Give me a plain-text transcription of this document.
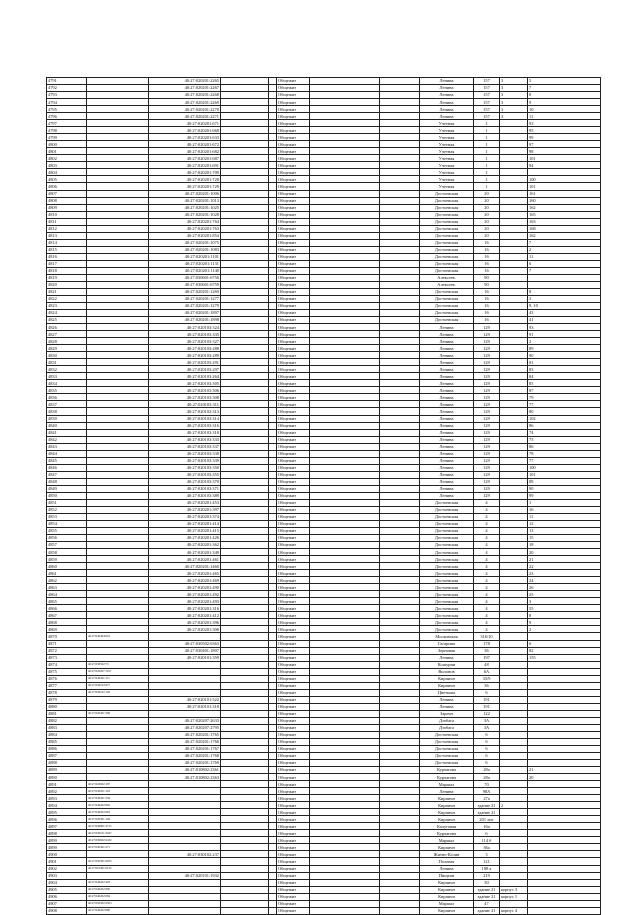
4791		40:27:020201:2265			Общежит			Ленина	157	3	5
4792		40:27:020201:2267			Общежит			Ленина	157	3	7
4793		40:27:020201:2268			Общежит			Ленина	157	3	8
4794		40:27:020201:2269			Общежит			Ленина	157	3	9
4795		40:27:020201:2270			Общежит			Ленина	157	3	10
4796		40:27:020201:2271			Общежит			Ленина	157	3	11
4797		40:27:020201:671			Общежит			Учетная	1		93
4798		40:27:020201:668			Общежит			Учетная	1		95
4799		40:27:020201:633			Общежит			Учетная	1		99
4800		40:27:020201:672			Общежит			Учетная	1		97
4801		40:27:020201:682			Общежит			Учетная	1		98
4802		40:27:020201:687			Общежит			Учетная	1		101
4803		40:27:020201:691			Общежит			Учетная	1		94
4804		40:27:020201:709			Общежит			Учетная	1		
4805		40:27:020201:728			Общежит			Учетная	1		100
4806		40:27:020201:729			Общежит			Учетная	1		101
4807		40:27:020201:1006			Общежит			Достоевская	20		161
4808		40:27:020201:1013			Общежит			Достоевская	20		160
4809		40:27:020201:1025			Общежит			Достоевская	20		162
4810		40:27:020201:1028			Общежит			Достоевская	20		165
4811		40:27:020201:764			Общежит			Достоевская	20		163
4812		40:27:020201:763			Общежит			Достоевская	20		168
4813		40:27:020201:854			Общежит			Достоевская	20		162
4814		40:27:020201:1075			Общежит			Достоевская	16		7
4815		40:27:020201:1083			Общежит			Достоевская	16		2
4816		40:27:020201:1101			Общежит			Достоевская	16		11
4817		40:27:020201:1131			Общежит			Достоевская	16		6
4818		40:27:020201:1140			Общежит			Достоевская	16		7
4819		40:27:030601:6756			Общежит			Алексеев.	90		
4820		40:27:030601:6759			Общежит			Алексеев.	90		
4821		40:27:020201:1269			Общежит			Достоевская	16		8
4822		40:27:020201:1277			Общежит			Достоевская	16		3
4823		40:27:020201:1279			Общежит			Достоевская	16		9, 10
4824		40:27:020201:1897			Общежит			Достоевская	16		43
4825		40:27:020201:1898			Общежит			Достоевская	16		41
4826		40:27:020103:324			Общежит			Ленина	129		93
4827		40:27:020103:335			Общежит			Ленина	129		91
4828		40:27:020103:327			Общежит			Ленина	129		2
4829		40:27:020103:288			Общежит			Ленина	129		89
4830		40:27:020103:289			Общежит			Ленина	129		90
4831		40:27:020103:291			Общежит			Ленина	129		81
4832		40:27:020103:297			Общежит			Ленина	129		83
4833		40:27:020103:264			Общежит			Ленина	129		84
4834		40:27:020103:305			Общежит			Ленина	129		85
4835		40:27:020103:306			Общежит			Ленина	129		87
4836		40:27:020103:308			Общежит			Ленина	129		79
4837		40:27:020103:311			Общежит			Ленина	129		77
4838		40:27:020103:313			Общежит			Ленина	129		80
4839		40:27:020103:314			Общежит			Ленина	129		102
4840		40:27:020103:316			Общежит			Ленина	129		96
4841		40:27:020103:318			Общежит			Ленина	129		74
4842		40:27:020103:333			Общежит			Ленина	129		75
4843		40:27:020103:337			Общежит			Ленина	129		86
4844		40:27:020103:338			Общежит			Ленина	129		78
4845		40:27:020103:339			Общежит			Ленина	129		77
4846		40:27:020103:350			Общежит			Ленина	129		100
4847		40:27:020103:355			Общежит			Ленина	129		101
4848		40:27:020103:370			Общежит			Ленина	129		88
4849		40:27:020103:371			Общежит			Ленина	129		90
4850		40:27:020103:389			Общежит			Ленина	129		99
4851		40:27:020201:453			Общежит			Достоевская	4		1
4852		40:27:020201:397			Общежит			Достоевская	4		16
4853		40:27:020201:374			Общежит			Достоевская	4		11
4854		40:27:020201:414			Общежит			Достоевская	4		12
4855		40:27:020201:415			Общежит			Достоевская	4		13
4856		40:27:020201:426			Общежит			Достоевская	4		15
4857		40:27:020201:362			Общежит			Достоевская	4		18
4858		40:27:020201:349			Общежит			Достоевская	4		20
4859		40:27:020201:461			Общежит			Достоевская	4		21
4860		40:27:020201:1460			Общежит			Достоевская	4		22
4861		40:27:020201:465			Общежит			Достоевская	4		23
4862		40:27:020201:469			Общежит			Достоевская	4		24
4863		40:27:020201:490			Общежит			Достоевская	4		26
4864		40:27:020201:492			Общежит			Достоевская	4		25
4865		40:27:020201:493			Общежит			Достоевская	4		3
4866		40:27:020201:316			Общежит			Достоевская	4		55
4867		40:27:020201:412			Общежит			Достоевская	4		8
4868		40:27:020201:396			Общежит			Достоевская	4		9
4869		40:27:020201:306			Общежит			Достоевская	4		2
4870	40:27:040404:616				Общежит			Московская	316/10		
4871		40:27:030502:6363			Общежит			Гагарина	178		6
4872		40:27:030401:1807			Общежит			Зерновая	36		82
4873		40:27:020101:359			Общежит			Ленина	197		155
4874	40:27:030502:73				Общежит			Кошурни	48		
4875	40:27:020207:1197				Общежит			Вилонов	6А		
4876	40:27:040301:111				Общежит			Кирпичн	33/9		
4877	40:27:030102:677				Общежит			Кирпичн	36		
4878	40:27:030102:126				Общежит			Цветкова	6		
4879		40:27:020101:522			Общежит			Ленина	191		
4880		40:27:020101:318			Общежит			Ленина	191		
4881	40:27:020401:569				Общежит			Заречн	122		
4882		40:27:020207:2633			Общежит			Дзобага	3А		
4883		40:27:020207:2795			Общежит			Дзобага	3А		
4884		40:27:020201:1765			Общежит			Достоевская	6		
4885		40:27:020201:1766			Общежит			Достоевская	6		
4886		40:27:020201:1767			Общежит			Достоевская	6		
4887		40:27:020201:1768			Общежит			Достоевская	6		
4888		40:27:020201:1769			Общежит			Достоевская	6		
4889		40:27:010802:2361			Общежит			Курчатова	28а		21
4890		40:27:010802:2363			Общежит			Курчатова	28а		20
4891	40:27:020602:187				Общежит			Маршал	70		
4892	40:27:030201:103				Общежит			Ленина	98А		
4893	40:27:040201:559				Общежит			Кирпичн	27а		
4894	40:27:040202:692				Общежит			Кирпичн	здание 21	2	
4895	40:27:040202:693				Общежит			Кирпичн	здание 21		
4896	40:27:020301:149				Общежит			Кирпичн	201 лит		
4897	40:27:030801:3715				Общежит			Калуговая	16а		
4898	40:27:030101:2047				Общежит			Курчатова	6		
4899	40:27:030602:2432				Общежит			Маршал	114 б		
4899	40:27:040301:271				Общежит			Кирпичн	36а		
4900		40:27:030102:237			Общежит			Житно-Козин	3		
4901	40:27:050301:6933				Общежит			Полевая	121		
4902	40:27:010301:6132				Общежит			Ленина	188 а		
4903		40:27:020101:1932			Общежит			Пищеан	219		
4904	40:27:040202:420				Общежит			Кирпичн	30		
4905	40:27:040202:690				Общежит			Кирпичн	здание 21	корпус 3	
4906	40:27:040202:684				Общежит			Кирпичн	здание 21	корпус 1	
4907	40:27:050302:2503				Общежит			Маршал	47		
4908	40:27:040202:680				Общежит			Кирпичн	здание 21	корпус 4	
